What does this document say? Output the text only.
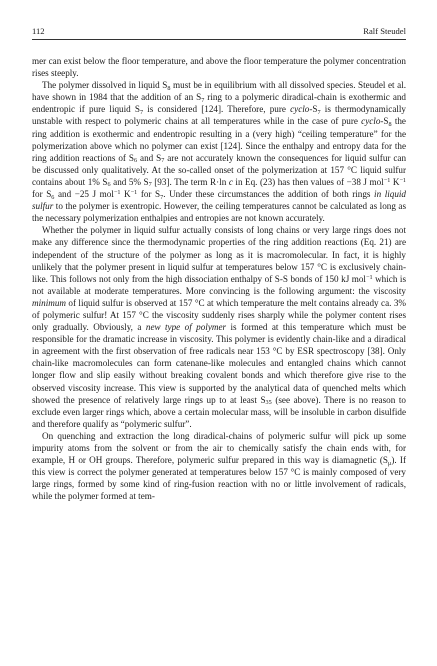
112	Ralf Steudel

mer can exist below the floor temperature, and above the floor temperature the polymer concentration rises steeply.

The polymer dissolved in liquid $S_8$ must be in equilibrium with all dissolved species. Steudel et al. have shown in 1984 that the addition of an $S_7$ ring to a polymeric diradical-chain is exothermic and endentropic if pure liquid $S_7$ is considered [124]. Therefore, pure cyclo-$S_7$ is thermodynamically unstable with respect to polymeric chains at all temperatures while in the case of pure cyclo-$S_8$ the ring addition is exothermic and endentropic resulting in a (very high) “ceiling temperature” for the polymerization above which no polymer can exist [124]. Since the enthalpy and entropy data for the ring addition reactions of $S_6$ and $S_7$ are not accurately known the consequences for liquid sulfur can be discussed only qualitatively. At the so-called onset of the polymerization at 157 °C liquid sulfur contains about 1% $S_6$ and 5% $S_7$ [93]. The term R·ln c in Eq. (23) has then values of −38 J mol$^{-1}$ $K^{-1}$ for $S_6$ and −25 J mol$^{-1}$ $K^{-1}$ for $S_7$. Under these circumstances the addition of both rings in liquid sulfur to the polymer is exentropic. However, the ceiling temperatures cannot be calculated as long as the necessary polymerization enthalpies and entropies are not known accurately.

Whether the polymer in liquid sulfur actually consists of long chains or very large rings does not make any difference since the thermodynamic properties of the ring addition reactions (Eq. 21) are independent of the structure of the polymer as long as it is macromolecular. In fact, it is highly unlikely that the polymer present in liquid sulfur at temperatures below 157 °C is exclusively chain-like. This follows not only from the high dissociation enthalpy of S-S bonds of 150 kJ mol$^{-1}$ which is not available at moderate temperatures. More convincing is the following argument: the viscosity minimum of liquid sulfur is observed at 157 °C at which temperature the melt contains already ca. 3% of polymeric sulfur! At 157 °C the viscosity suddenly rises sharply while the polymer content rises only gradually. Obviously, a new type of polymer is formed at this temperature which must be responsible for the dramatic increase in viscosity. This polymer is evidently chain-like and a diradical in agreement with the first observation of free radicals near 153 °C by ESR spectroscopy [38]. Only chain-like macromolecules can form catenane-like molecules and entangled chains which cannot longer flow and slip easily without breaking covalent bonds and which therefore give rise to the observed viscosity increase. This view is supported by the analytical data of quenched melts which showed the presence of relatively large rings up to at least $S_{35}$ (see above). There is no reason to exclude even larger rings which, above a certain molecular mass, will be insoluble in carbon disulfide and therefore qualify as “polymeric sulfur”.

On quenching and extraction the long diradical-chains of polymeric sulfur will pick up some impurity atoms from the solvent or from the air to chemically satisfy the chain ends with, for example, H or OH groups. Therefore, polymeric sulfur prepared in this way is diamagnetic $(S_\mu)$. If this view is correct the polymer generated at temperatures below 157 °C is mainly composed of very large rings, formed by some kind of ring-fusion reaction with no or little involvement of radicals, while the polymer formed at tem-
